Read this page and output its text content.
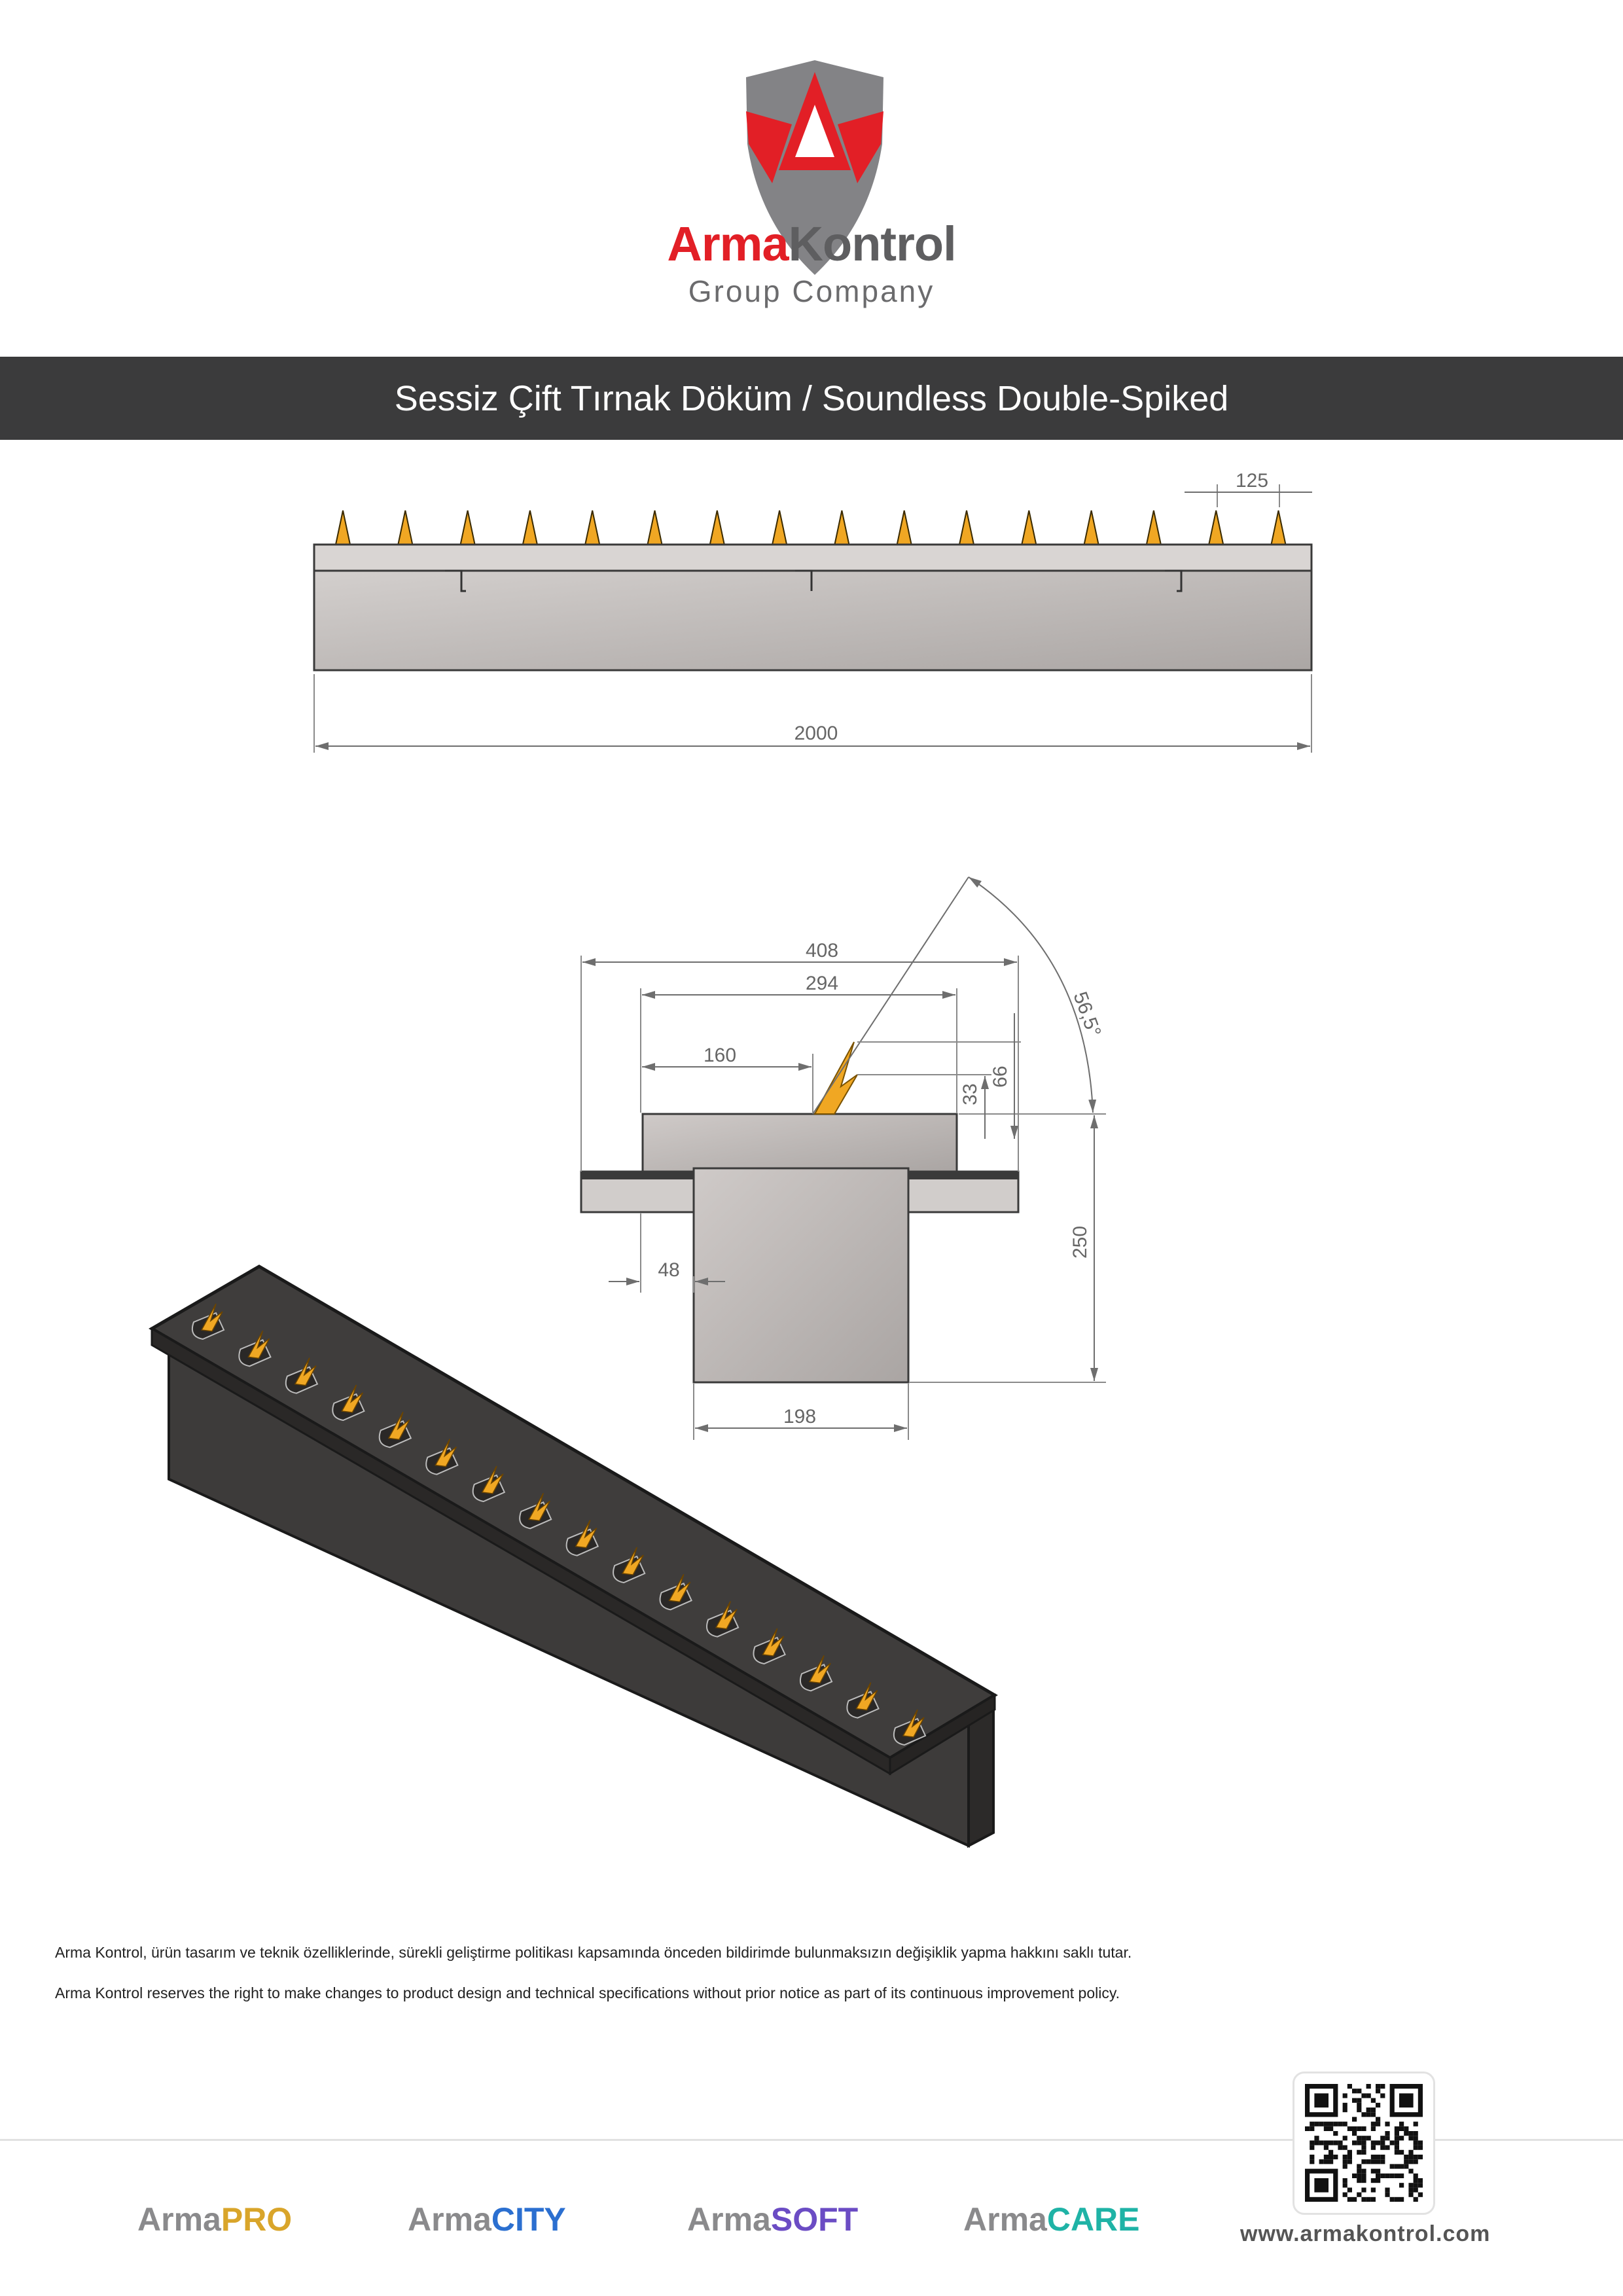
ArmaKontrol
Group Company
Sessiz Çift Tırnak Döküm / Soundless Double-Spiked
2000
125
56,5°
408
294
160
33
66
250
48
198
Arma Kontrol, ürün tasarım ve teknik özelliklerinde, sürekli geliştirme politikası kapsamında önceden bildirimde bulunmaksızın değişiklik yapma hakkını saklı tutar.
Arma Kontrol reserves the right to make changes to product design and technical specifications without prior notice as part of its continuous improvement policy.
ArmaPRO	ArmaCITY	ArmaSOFT	ArmaCARE	www.armakontrol.com
